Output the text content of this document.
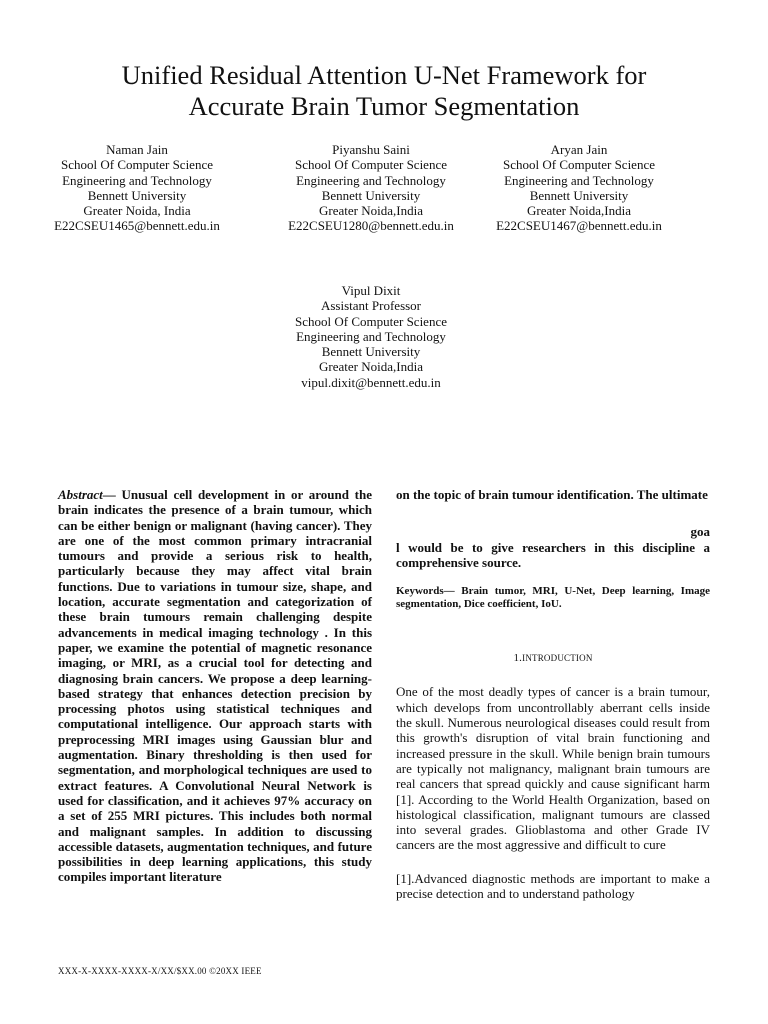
Unified Residual Attention U-Net Framework for
Accurate Brain Tumor Segmentation
Naman Jain
School Of Computer Science
Engineering and Technology
Bennett University
Greater Noida, India
E22CSEU1465@bennett.edu.in
Piyanshu Saini
School Of Computer Science
Engineering and Technology
Bennett University
Greater Noida,India
E22CSEU1280@bennett.edu.in
Aryan Jain
School Of Computer Science
Engineering and Technology
Bennett University
Greater Noida,India
E22CSEU1467@bennett.edu.in
Vipul Dixit
Assistant Professor
School Of Computer Science
Engineering and Technology
Bennett University
Greater Noida,India
vipul.dixit@bennett.edu.in

Abstract— Unusual cell development in or around the brain indicates the presence of a brain tumour, which can be either benign or malignant (having cancer). They are one of the most common primary intracranial tumours and provide a serious risk to health, particularly because they may affect vital brain functions. Due to variations in tumour size, shape, and location, accurate segmentation and categorization of these brain tumours remain challenging despite advancements in medical imaging technology . In this paper, we examine the potential of magnetic resonance imaging, or MRI, as a crucial tool for detecting and diagnosing brain cancers. We propose a deep learning-based strategy that enhances detection precision by processing photos using statistical techniques and computational intelligence. Our approach starts with preprocessing MRI images using Gaussian blur and augmentation. Binary thresholding is then used for segmentation, and morphological techniques are used to extract features. A Convolutional Neural Network is used for classification, and it achieves 97% accuracy on a set of 255 MRI pictures. This includes both normal and malignant samples. In addition to discussing accessible datasets, augmentation techniques, and future possibilities in deep learning applications, this study compiles important literature

on the topic of brain tumour identification. The ultimate

goa

l would be to give researchers in this discipline a comprehensive source.

Keywords— Brain tumor, MRI, U-Net, Deep learning, Image segmentation, Dice coefficient, IoU.

1.INTRODUCTION

One of the most deadly types of cancer is a brain tumour, which develops from uncontrollably aberrant cells inside the skull. Numerous neurological diseases could result from this growth's disruption of vital brain functioning and increased pressure in the skull. While benign brain tumours are typically not malignancy, malignant brain tumours are real cancers that spread quickly and cause significant harm [1]. According to the World Health Organization, based on histological classification, malignant tumours are classed into several grades. Glioblastoma and other Grade IV cancers are the most aggressive and difficult to cure

[1].Advanced diagnostic methods are important to make a precise detection and to understand pathology

XXX-X-XXXX-XXXX-X/XX/$XX.00 ©20XX IEEE
